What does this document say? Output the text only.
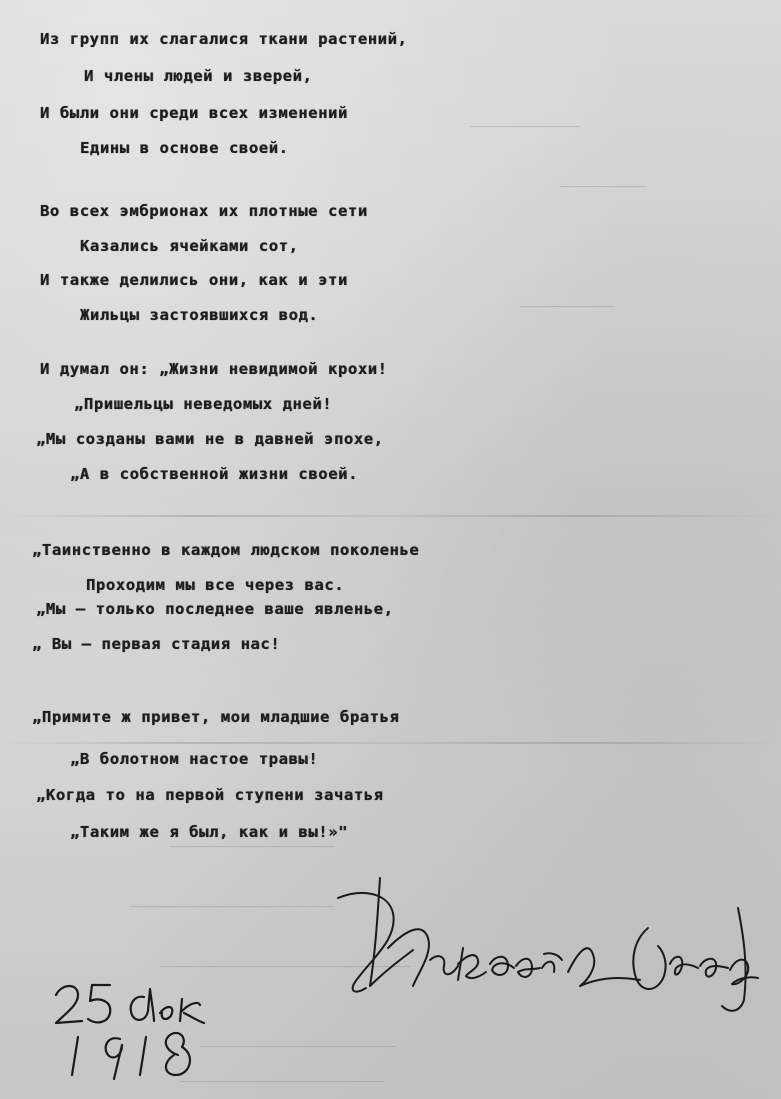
──────────────
───────────
────────────
─────────────────────
──────────────────────────
────────────────────────────────
─────────────────────────
──────────────────────────
Из групп их слагалися ткани растений,
И члены людей и зверей,
И были они среди всех изменений
Едины в основе своей.
Во всех эмбрионах их плотные сети
Казались ячейками сот,
И также делились они, как и эти
Жильцы застоявшихся вод.
И думал он: „Жизни невидимой крохи!
„Пришельцы неведомых дней!
„Мы созданы вами не в давней эпохе,
„А в собственной жизни своей.
„Таинственно в каждом людском поколенье
Проходим мы все через вас.
„Мы – только последнее ваше явленье,
„ Вы – первая стадия нас!
„Примите ж привет, мои младшие братья
„В болотном настое травы!
„Когда то на первой ступени зачатья
„Таким же я был, как и вы!»"
